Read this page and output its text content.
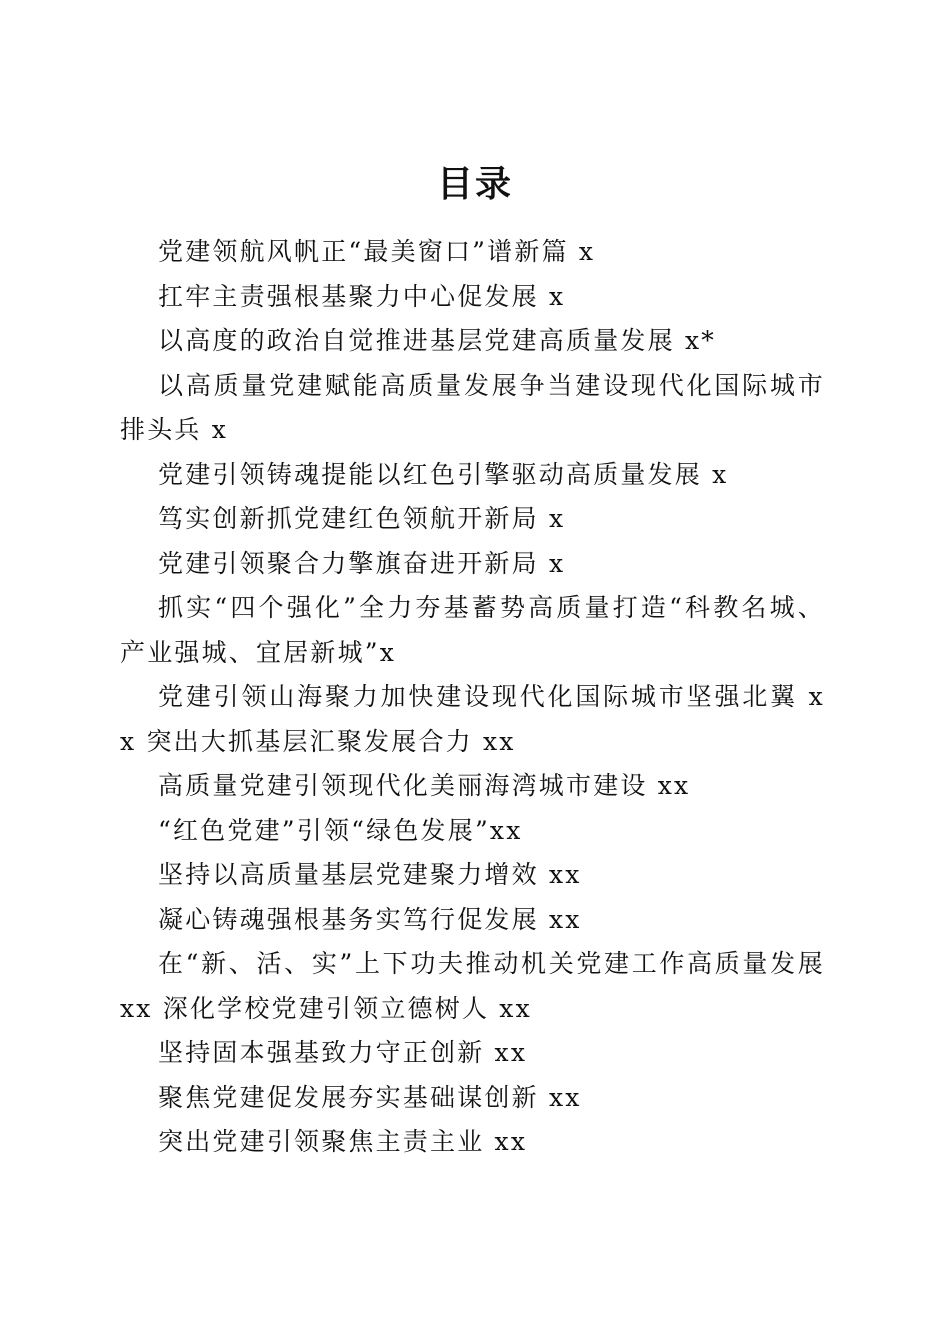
目录
党建领航风帆正“最美窗口”谱新篇 x
扛牢主责强根基聚力中心促发展 x
以高度的政治自觉推进基层党建高质量发展 x*
以高质量党建赋能高质量发展争当建设现代化国际城市排头兵 x
党建引领铸魂提能以红色引擎驱动高质量发展 x
笃实创新抓党建红色领航开新局 x
党建引领聚合力擎旗奋进开新局 x
抓实“四个强化”全力夯基蓄势高质量打造“科教名城、产业强城、宜居新城”x
党建引领山海聚力加快建设现代化国际城市坚强北翼 xx 突出大抓基层汇聚发展合力 xx
高质量党建引领现代化美丽海湾城市建设 xx
“红色党建”引领“绿色发展”xx
坚持以高质量基层党建聚力增效 xx
凝心铸魂强根基务实笃行促发展 xx
在“新、活、实”上下功夫推动机关党建工作高质量发展 xx 深化学校党建引领立德树人 xx
坚持固本强基致力守正创新 xx
聚焦党建促发展夯实基础谋创新 xx
突出党建引领聚焦主责主业 xx
